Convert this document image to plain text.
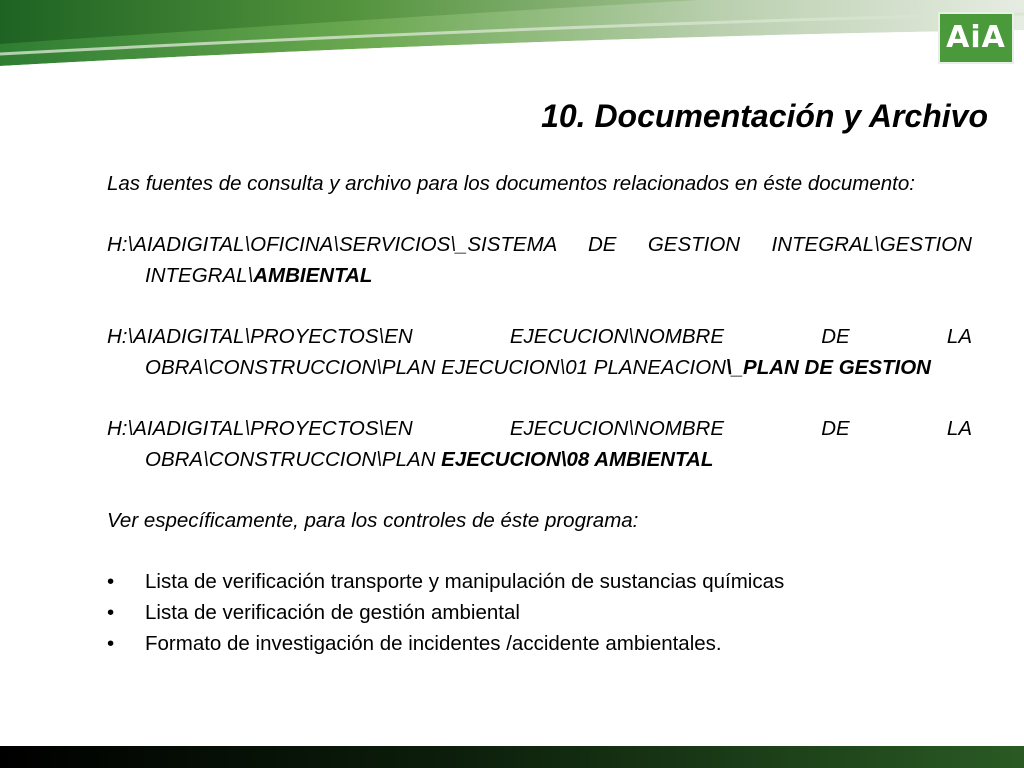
AiA
10. Documentación y Archivo

Las fuentes de consulta y archivo para los documentos relacionados en éste documento:

H:\AIADIGITAL\OFICINA\SERVICIOS\_SISTEMA DE GESTION INTEGRAL\GESTION INTEGRAL\AMBIENTAL

H:\AIADIGITAL\PROYECTOS\EN EJECUCION\NOMBRE DE LA OBRA\CONSTRUCCION\PLAN EJECUCION\01 PLANEACION\_PLAN DE GESTION

H:\AIADIGITAL\PROYECTOS\EN EJECUCION\NOMBRE DE LA OBRA\CONSTRUCCION\PLAN EJECUCION\08 AMBIENTAL

Ver específicamente, para los controles de éste programa:

• Lista de verificación transporte y manipulación de sustancias químicas
• Lista de verificación de gestión ambiental
• Formato de investigación de incidentes /accidente ambientales.
